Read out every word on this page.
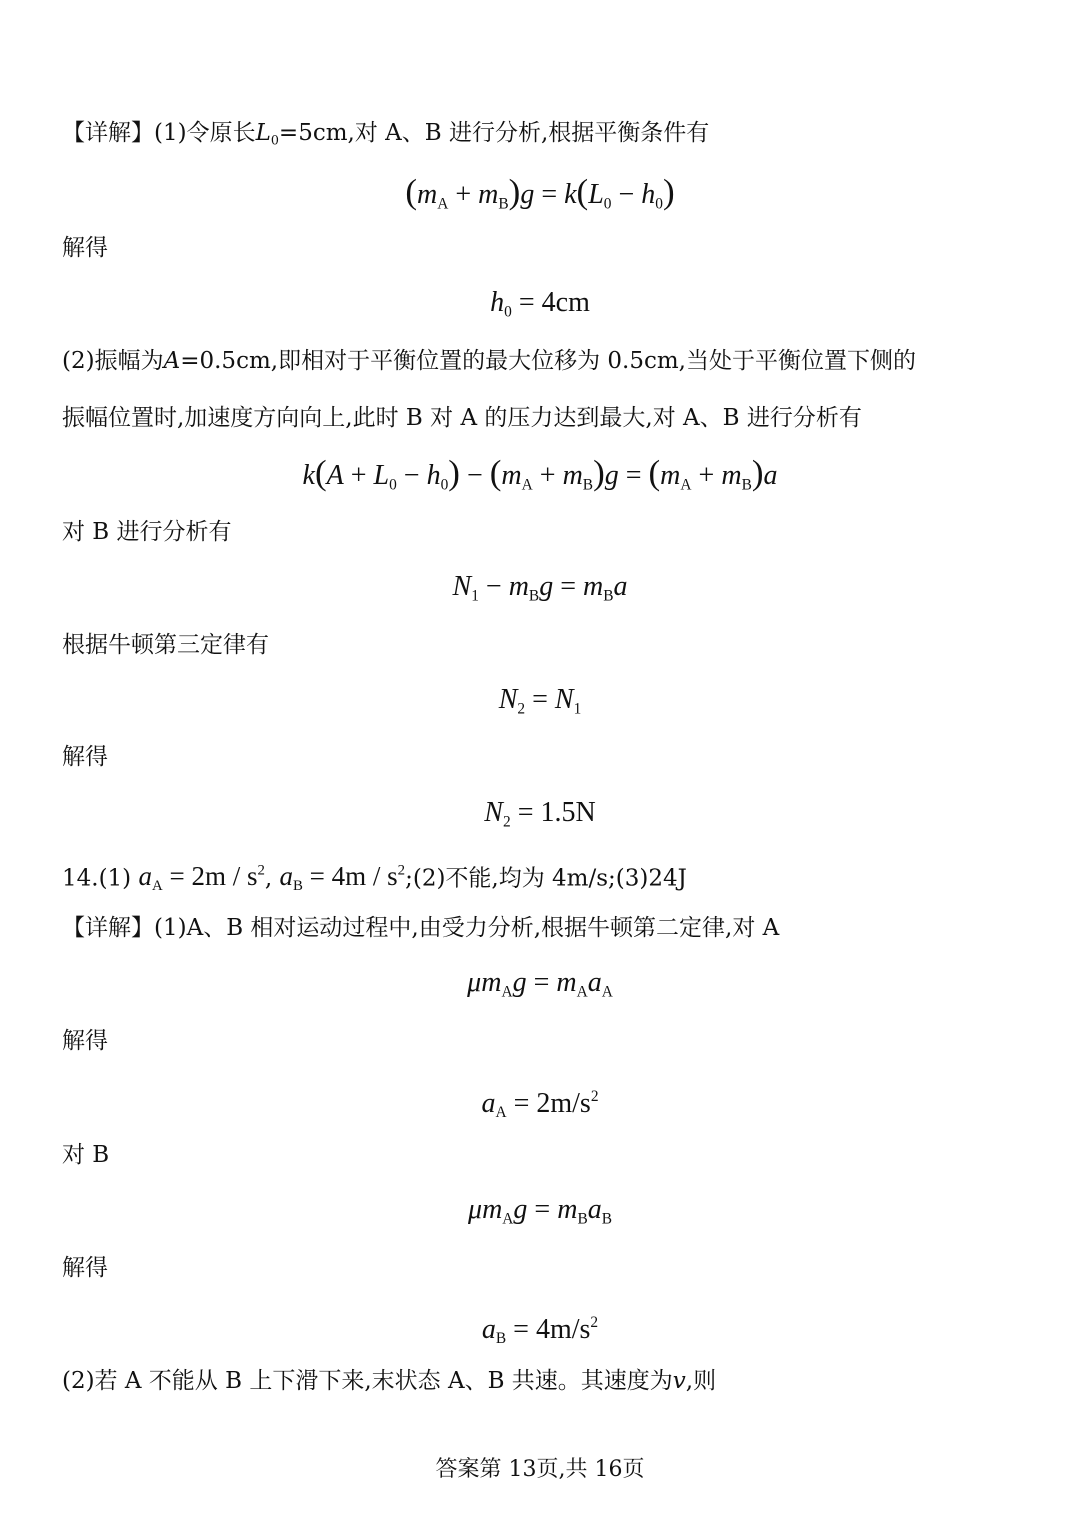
【详解】(1)令原长$L_0=5cm$,对 A、B 进行分析,根据平衡条件有
$(m_A + m_B)g = k(L_0 - h_0)$
解得
$h_0 = 4cm$
(2)振幅为A=0.5cm,即相对于平衡位置的最大位移为 0.5cm,当处于平衡位置下侧的
振幅位置时,加速度方向向上,此时 B 对 A 的压力达到最大,对 A、B 进行分析有
$k(A + L_0 - h_0) - (m_A + m_B)g = (m_A + m_B)a$
对 B 进行分析有
$N_1 - m_Bg = m_Ba$
根据牛顿第三定律有
$N_2 = N_1$
解得
$N_2 = 1.5N$
14.(1) $a_A = 2m / s^2$, $a_B = 4m$ / $s^2;(2)$不能,均为 4m/s;(3)24J
【详解】(1)A、B 相对运动过程中,由受力分析,根据牛顿第二定律,对 A
$\mu m_Ag = m_Aa_A$
解得
$a_A = 2m/s^2$
对 B
$\mu m_Ag = m_Ba_B$
解得
$a_B = 4m/s^2$
(2)若 A 不能从 B 上下滑下来,末状态 A、B 共速。其速度为v,则
答案第 13页,共 16页
